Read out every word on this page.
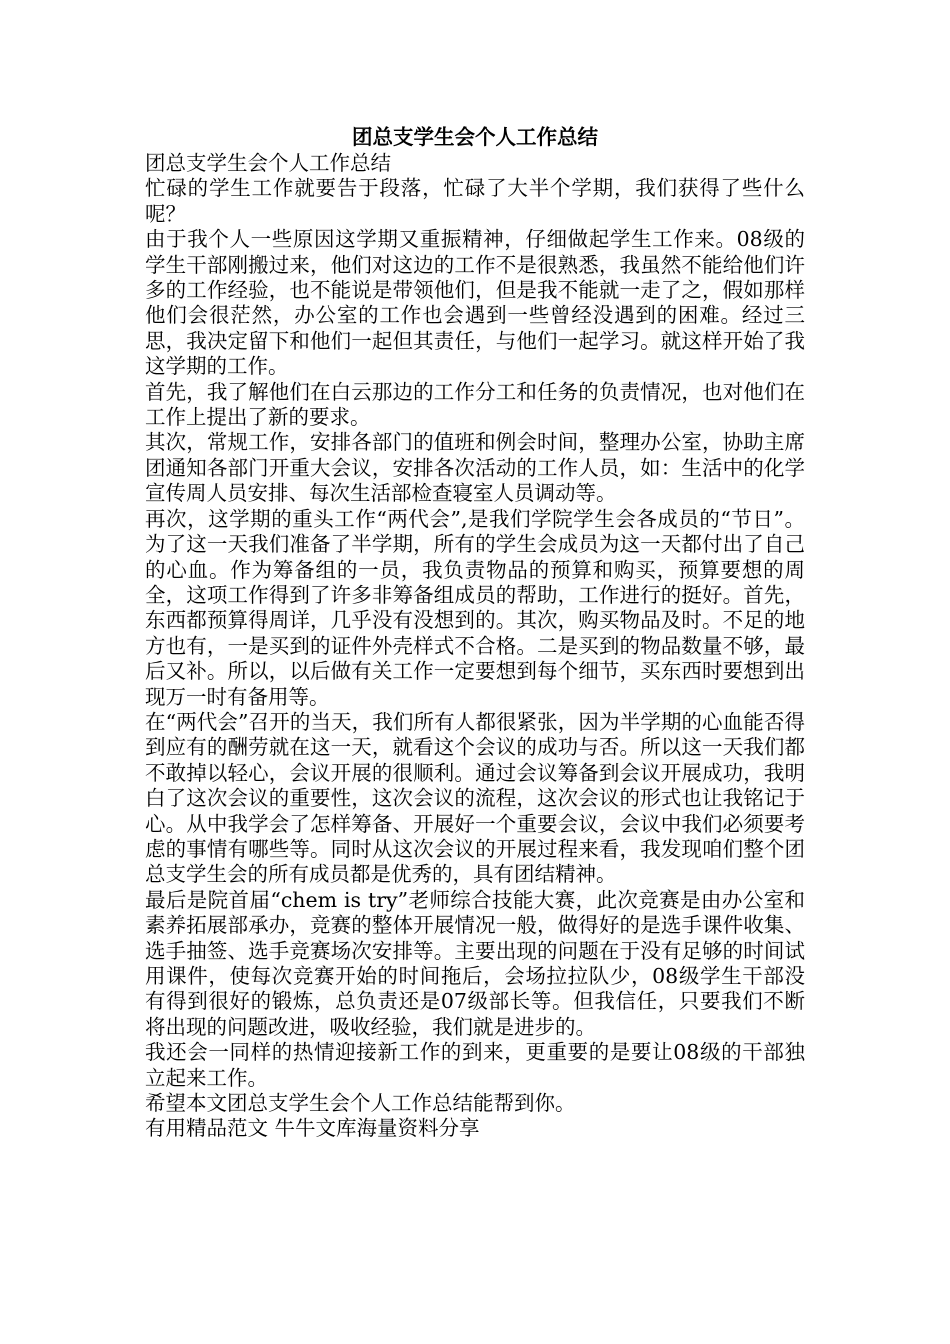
团总支学生会个人工作总结

团总支学生会个人工作总结

忙碌的学生工作就要告于段落，忙碌了大半个学期，我们获得了些什么呢？

由于我个人一些原因这学期又重振精神，仔细做起学生工作来。08级的学生干部刚搬过来，他们对这边的工作不是很熟悉，我虽然不能给他们许多的工作经验，也不能说是带领他们，但是我不能就一走了之，假如那样他们会很茫然，办公室的工作也会遇到一些曾经没遇到的困难。经过三思，我决定留下和他们一起但其责任，与他们一起学习。就这样开始了我这学期的工作。

首先，我了解他们在白云那边的工作分工和任务的负责情况，也对他们在工作上提出了新的要求。

其次，常规工作，安排各部门的值班和例会时间，整理办公室，协助主席团通知各部门开重大会议，安排各次活动的工作人员，如：生活中的化学宣传周人员安排、每次生活部检查寝室人员调动等。

再次，这学期的重头工作“两代会”,是我们学院学生会各成员的“节日”。为了这一天我们准备了半学期，所有的学生会成员为这一天都付出了自己的心血。作为筹备组的一员，我负责物品的预算和购买，预算要想的周全，这项工作得到了许多非筹备组成员的帮助，工作进行的挺好。首先，东西都预算得周详，几乎没有没想到的。其次，购买物品及时。不足的地方也有，一是买到的证件外壳样式不合格。二是买到的物品数量不够，最后又补。所以，以后做有关工作一定要想到每个细节，买东西时要想到出现万一时有备用等。

在“两代会”召开的当天，我们所有人都很紧张，因为半学期的心血能否得到应有的酬劳就在这一天，就看这个会议的成功与否。所以这一天我们都不敢掉以轻心，会议开展的很顺利。通过会议筹备到会议开展成功，我明白了这次会议的重要性，这次会议的流程，这次会议的形式也让我铭记于心。从中我学会了怎样筹备、开展好一个重要会议，会议中我们必须要考虑的事情有哪些等。同时从这次会议的开展过程来看，我发现咱们整个团总支学生会的所有成员都是优秀的，具有团结精神。

最后是院首届“chem is try”老师综合技能大赛，此次竞赛是由办公室和素养拓展部承办，竞赛的整体开展情况一般，做得好的是选手课件收集、选手抽签、选手竞赛场次安排等。主要出现的问题在于没有足够的时间试用课件，使每次竞赛开始的时间拖后，会场拉拉队少，08级学生干部没有得到很好的锻炼，总负责还是07级部长等。但我信任，只要我们不断将出现的问题改进，吸收经验，我们就是进步的。

我还会一同样的热情迎接新工作的到来，更重要的是要让08级的干部独立起来工作。

希望本文团总支学生会个人工作总结能帮到你。

有用精品范文 牛牛文库海量资料分享
